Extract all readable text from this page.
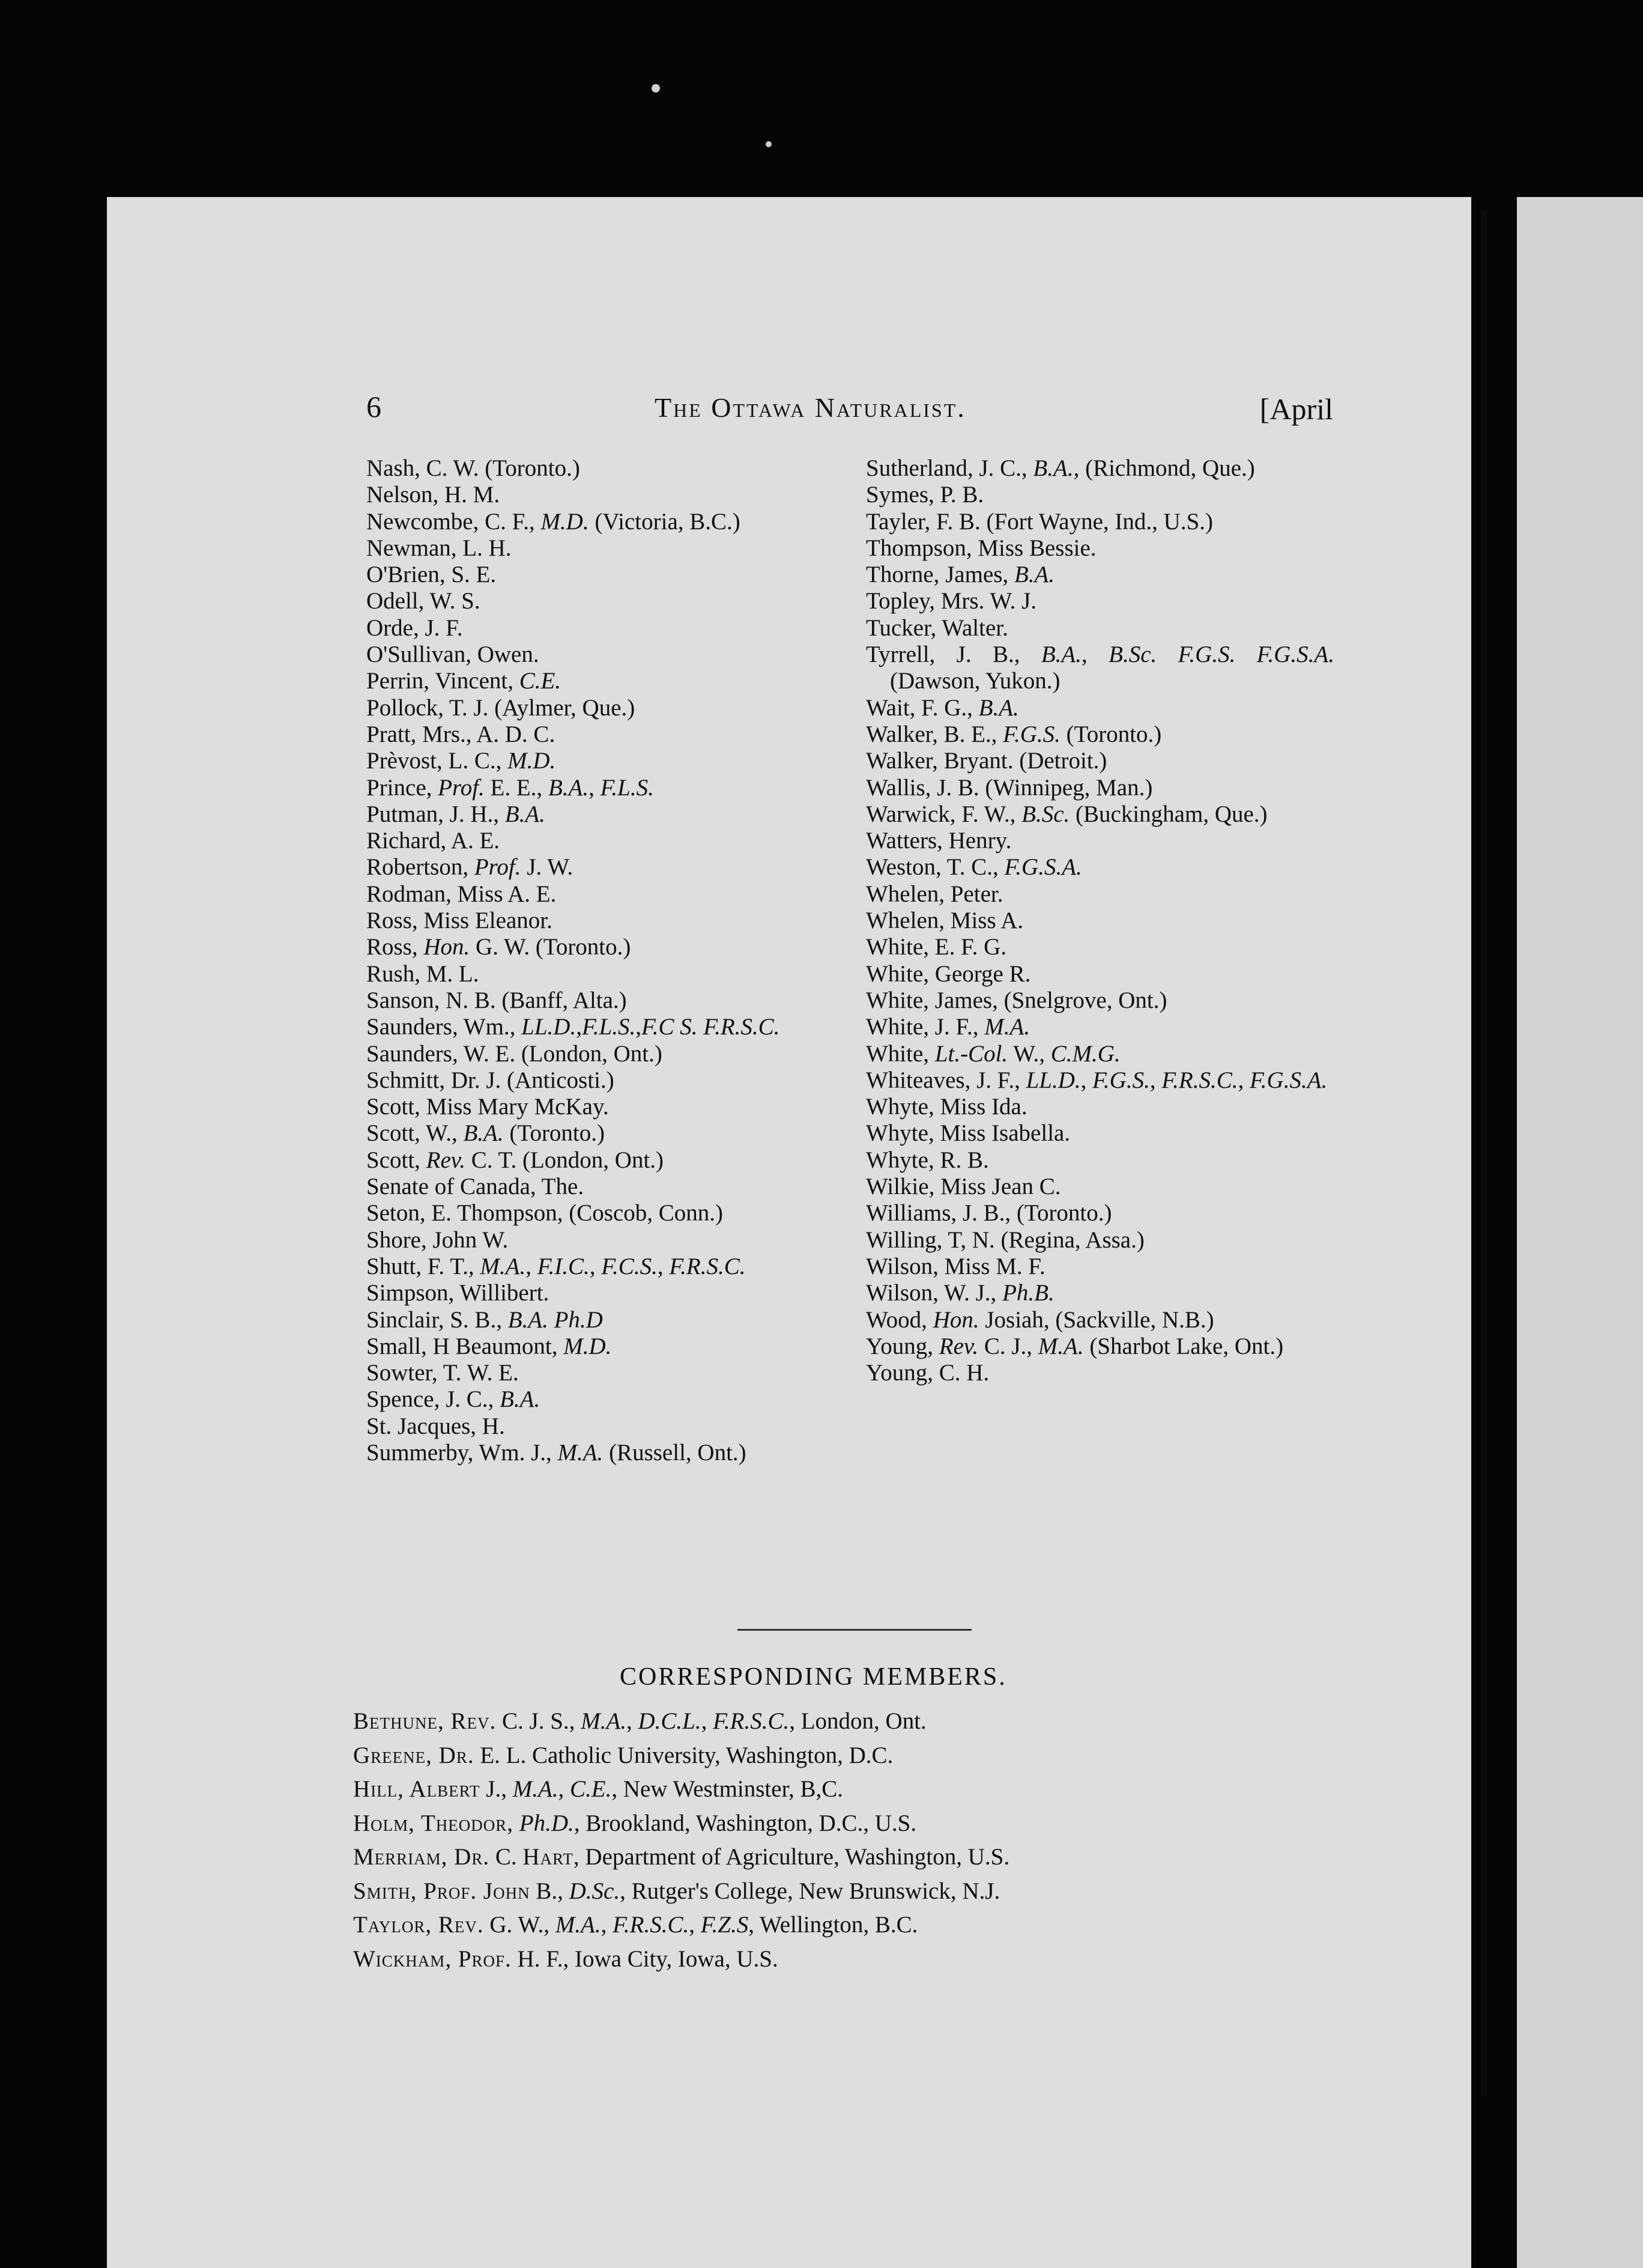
6	The Ottawa Naturalist.	[April
Nash, C. W. (Toronto.)
Nelson, H. M.
Newcombe, C. F., M.D. (Victoria, B.C.)
Newman, L. H.
O'Brien, S. E.
Odell, W. S.
Orde, J. F.
O'Sullivan, Owen.
Perrin, Vincent, C.E.
Pollock, T. J. (Aylmer, Que.)
Pratt, Mrs., A. D. C.
Prèvost, L. C., M.D.
Prince, Prof. E. E., B.A., F.L.S.
Putman, J. H., B.A.
Richard, A. E.
Robertson, Prof. J. W.
Rodman, Miss A. E.
Ross, Miss Eleanor.
Ross, Hon. G. W. (Toronto.)
Rush, M. L.
Sanson, N. B. (Banff, Alta.)
Saunders, Wm., LL.D.,F.L.S.,F.C S. F.R.S.C.
Saunders, W. E. (London, Ont.)
Schmitt, Dr. J. (Anticosti.)
Scott, Miss Mary McKay.
Scott, W., B.A. (Toronto.)
Scott, Rev. C. T. (London, Ont.)
Senate of Canada, The.
Seton, E. Thompson, (Coscob, Conn.)
Shore, John W.
Shutt, F. T., M.A., F.I.C., F.C.S., F.R.S.C.
Simpson, Willibert.
Sinclair, S. B., B.A. Ph.D
Small, H Beaumont, M.D.
Sowter, T. W. E.
Spence, J. C., B.A.
St. Jacques, H.
Summerby, Wm. J., M.A. (Russell, Ont.)
Sutherland, J. C., B.A., (Richmond, Que.)
Symes, P. B.
Tayler, F. B. (Fort Wayne, Ind., U.S.)
Thompson, Miss Bessie.
Thorne, James, B.A.
Topley, Mrs. W. J.
Tucker, Walter.
Tyrrell, J. B., B.A., B.Sc. F.G.S. F.G.S.A. (Dawson, Yukon.)
Wait, F. G., B.A.
Walker, B. E., F.G.S. (Toronto.)
Walker, Bryant. (Detroit.)
Wallis, J. B. (Winnipeg, Man.)
Warwick, F. W., B.Sc. (Buckingham, Que.)
Watters, Henry.
Weston, T. C., F.G.S.A.
Whelen, Peter.
Whelen, Miss A.
White, E. F. G.
White, George R.
White, James, (Snelgrove, Ont.)
White, J. F., M.A.
White, Lt.-Col. W., C.M.G.
Whiteaves, J. F., LL.D., F.G.S., F.R.S.C., F.G.S.A.
Whyte, Miss Ida.
Whyte, Miss Isabella.
Whyte, R. B.
Wilkie, Miss Jean C.
Williams, J. B., (Toronto.)
Willing, T, N. (Regina, Assa.)
Wilson, Miss M. F.
Wilson, W. J., Ph.B.
Wood, Hon. Josiah, (Sackville, N.B.)
Young, Rev. C. J., M.A. (Sharbot Lake, Ont.)
Young, C. H.
CORRESPONDING MEMBERS.
Bethune, Rev. C. J. S., M.A., D.C.L., F.R.S.C., London, Ont.
Greene, Dr. E. L. Catholic University, Washington, D.C.
Hill, Albert J., M.A., C.E., New Westminster, B,C.
Holm, Theodor, Ph.D., Brookland, Washington, D.C., U.S.
Merriam, Dr. C. Hart, Department of Agriculture, Washington, U.S.
Smith, Prof. John B., D.Sc., Rutger's College, New Brunswick, N.J.
Taylor, Rev. G. W., M.A., F.R.S.C., F.Z.S, Wellington, B.C.
Wickham, Prof. H. F., Iowa City, Iowa, U.S.
